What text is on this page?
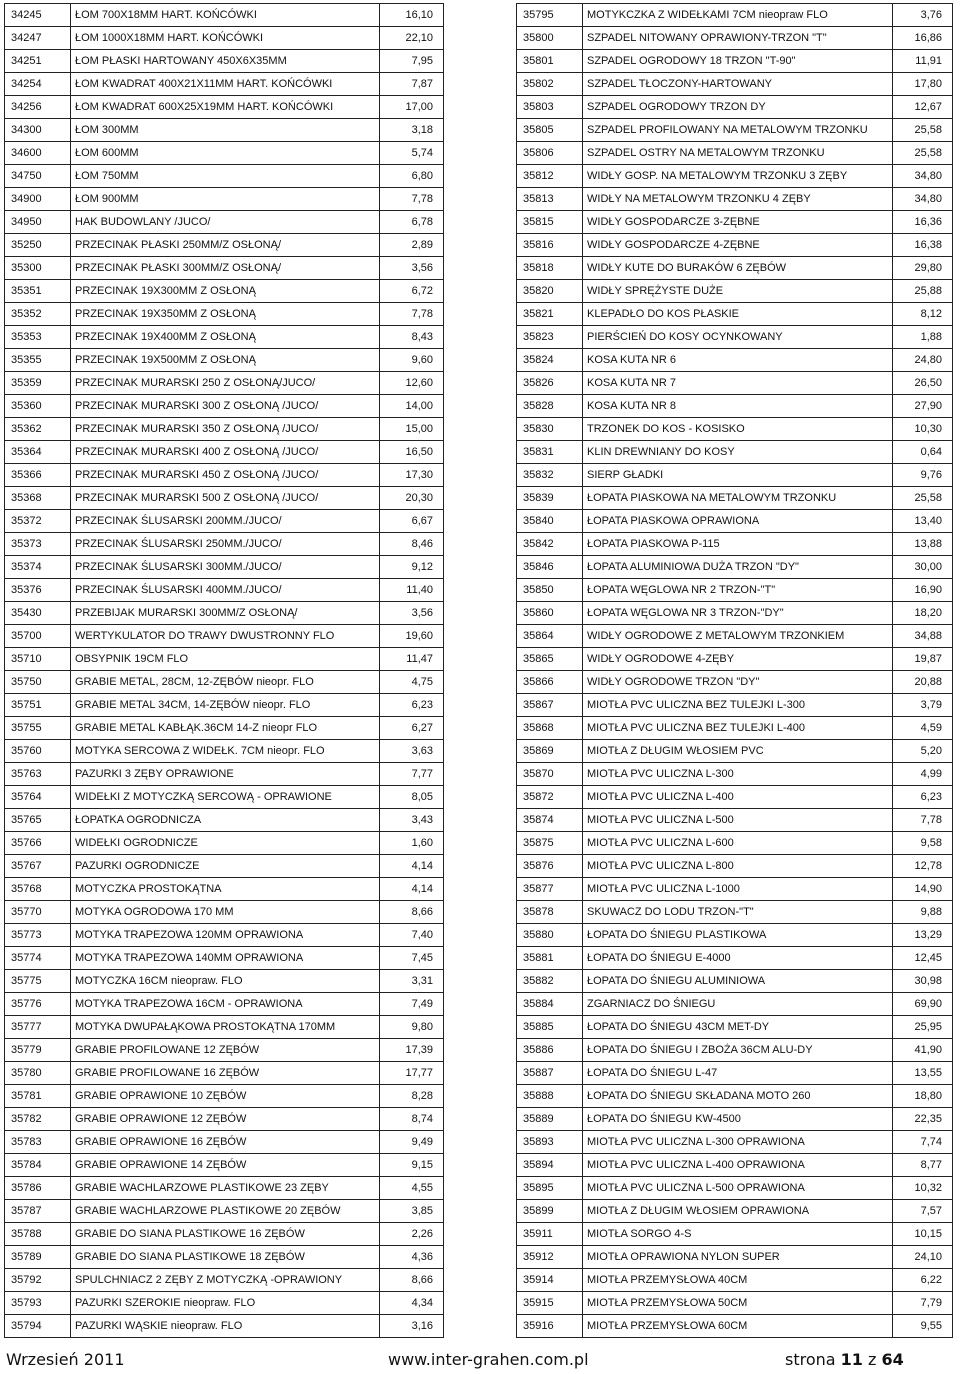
34245	ŁOM 700X18MM HART. KOŃCÓWKI	16,10
34247	ŁOM 1000X18MM HART. KOŃCÓWKI	22,10
34251	ŁOM PŁASKI HARTOWANY 450X6X35MM	7,95
34254	ŁOM KWADRAT 400X21X11MM HART. KOŃCÓWKI	7,87
34256	ŁOM KWADRAT 600X25X19MM HART. KOŃCÓWKI	17,00
34300	ŁOM 300MM	3,18
34600	ŁOM 600MM	5,74
34750	ŁOM 750MM	6,80
34900	ŁOM 900MM	7,78
34950	HAK BUDOWLANY /JUCO/	6,78
35250	PRZECINAK PŁASKI 250MM/Z OSŁONĄ/	2,89
35300	PRZECINAK PŁASKI 300MM/Z OSŁONĄ/	3,56
35351	PRZECINAK 19X300MM Z OSŁONĄ	6,72
35352	PRZECINAK 19X350MM Z OSŁONĄ	7,78
35353	PRZECINAK 19X400MM Z OSŁONĄ	8,43
35355	PRZECINAK 19X500MM Z OSŁONĄ	9,60
35359	PRZECINAK MURARSKI 250 Z OSŁONĄ/JUCO/	12,60
35360	PRZECINAK MURARSKI 300 Z OSŁONĄ /JUCO/	14,00
35362	PRZECINAK MURARSKI 350 Z OSŁONĄ /JUCO/	15,00
35364	PRZECINAK MURARSKI 400 Z OSŁONĄ /JUCO/	16,50
35366	PRZECINAK MURARSKI 450 Z OSŁONĄ /JUCO/	17,30
35368	PRZECINAK MURARSKI 500 Z OSŁONĄ /JUCO/	20,30
35372	PRZECINAK ŚLUSARSKI 200MM./JUCO/	6,67
35373	PRZECINAK ŚLUSARSKI 250MM./JUCO/	8,46
35374	PRZECINAK ŚLUSARSKI 300MM./JUCO/	9,12
35376	PRZECINAK ŚLUSARSKI 400MM./JUCO/	11,40
35430	PRZEBIJAK MURARSKI 300MM/Z OSŁONĄ/	3,56
35700	WERTYKULATOR DO TRAWY DWUSTRONNY FLO	19,60
35710	OBSYPNIK 19CM FLO	11,47
35750	GRABIE METAL, 28CM, 12-ZĘBÓW nieopr. FLO	4,75
35751	GRABIE METAL 34CM, 14-ZĘBÓW nieopr. FLO	6,23
35755	GRABIE METAL KABŁĄK.36CM 14-Z nieopr FLO	6,27
35760	MOTYKA SERCOWA Z WIDEŁK. 7CM nieopr. FLO	3,63
35763	PAZURKI 3 ZĘBY OPRAWIONE	7,77
35764	WIDEŁKI Z MOTYCZKĄ SERCOWĄ - OPRAWIONE	8,05
35765	ŁOPATKA OGRODNICZA	3,43
35766	WIDEŁKI OGRODNICZE	1,60
35767	PAZURKI OGRODNICZE	4,14
35768	MOTYCZKA PROSTOKĄTNA	4,14
35770	MOTYKA OGRODOWA 170 MM	8,66
35773	MOTYKA TRAPEZOWA 120MM OPRAWIONA	7,40
35774	MOTYKA TRAPEZOWA 140MM OPRAWIONA	7,45
35775	MOTYCZKA 16CM nieopraw. FLO	3,31
35776	MOTYKA TRAPEZOWA 16CM - OPRAWIONA	7,49
35777	MOTYKA DWUPAŁĄKOWA PROSTOKĄTNA 170MM	9,80
35779	GRABIE PROFILOWANE 12 ZĘBÓW	17,39
35780	GRABIE PROFILOWANE 16 ZĘBÓW	17,77
35781	GRABIE OPRAWIONE 10 ZĘBÓW	8,28
35782	GRABIE OPRAWIONE 12 ZĘBÓW	8,74
35783	GRABIE OPRAWIONE 16 ZĘBÓW	9,49
35784	GRABIE OPRAWIONE 14 ZĘBÓW	9,15
35786	GRABIE WACHLARZOWE PLASTIKOWE 23 ZĘBY	4,55
35787	GRABIE WACHLARZOWE PLASTIKOWE 20 ZĘBÓW	3,85
35788	GRABIE DO SIANA PLASTIKOWE 16 ZĘBÓW	2,26
35789	GRABIE DO SIANA PLASTIKOWE 18 ZĘBÓW	4,36
35792	SPULCHNIACZ 2 ZĘBY Z MOTYCZKĄ -OPRAWIONY	8,66
35793	PAZURKI SZEROKIE nieopraw. FLO	4,34
35794	PAZURKI WĄSKIE nieopraw. FLO	3,16
35795	MOTYKCZKA Z WIDEŁKAMI 7CM nieopraw FLO	3,76
35800	SZPADEL NITOWANY OPRAWIONY-TRZON "T"	16,86
35801	SZPADEL OGRODOWY 18 TRZON "T-90"	11,91
35802	SZPADEL TŁOCZONY-HARTOWANY	17,80
35803	SZPADEL OGRODOWY TRZON DY	12,67
35805	SZPADEL PROFILOWANY NA METALOWYM TRZONKU	25,58
35806	SZPADEL OSTRY NA METALOWYM TRZONKU	25,58
35812	WIDŁY GOSP. NA METALOWYM TRZONKU 3 ZĘBY	34,80
35813	WIDŁY NA METALOWYM TRZONKU 4 ZĘBY	34,80
35815	WIDŁY GOSPODARCZE 3-ZĘBNE	16,36
35816	WIDŁY GOSPODARCZE 4-ZĘBNE	16,38
35818	WIDŁY KUTE DO BURAKÓW 6 ZĘBÓW	29,80
35820	WIDŁY SPRĘŻYSTE DUŻE	25,88
35821	KLEPADŁO DO KOS PŁASKIE	8,12
35823	PIERŚCIEŃ DO KOSY OCYNKOWANY	1,88
35824	KOSA KUTA NR 6	24,80
35826	KOSA KUTA NR 7	26,50
35828	KOSA KUTA NR 8	27,90
35830	TRZONEK DO KOS - KOSISKO	10,30
35831	KLIN DREWNIANY DO KOSY	0,64
35832	SIERP GŁADKI	9,76
35839	ŁOPATA PIASKOWA NA METALOWYM TRZONKU	25,58
35840	ŁOPATA PIASKOWA OPRAWIONA	13,40
35842	ŁOPATA PIASKOWA P-115	13,88
35846	ŁOPATA ALUMINIOWA DUŻA TRZON "DY"	30,00
35850	ŁOPATA WĘGLOWA NR 2 TRZON-"T"	16,90
35860	ŁOPATA WĘGLOWA NR 3 TRZON-"DY"	18,20
35864	WIDŁY OGRODOWE Z METALOWYM TRZONKIEM	34,88
35865	WIDŁY OGRODOWE 4-ZĘBY	19,87
35866	WIDŁY OGRODOWE TRZON "DY"	20,88
35867	MIOTŁA PVC ULICZNA BEZ TULEJKI L-300	3,79
35868	MIOTŁA PVC ULICZNA BEZ TULEJKI L-400	4,59
35869	MIOTŁA Z DŁUGIM WŁOSIEM PVC	5,20
35870	MIOTŁA PVC ULICZNA L-300	4,99
35872	MIOTŁA PVC ULICZNA L-400	6,23
35874	MIOTŁA PVC ULICZNA L-500	7,78
35875	MIOTŁA PVC ULICZNA L-600	9,58
35876	MIOTŁA PVC ULICZNA L-800	12,78
35877	MIOTŁA PVC ULICZNA L-1000	14,90
35878	SKUWACZ DO LODU TRZON-"T"	9,88
35880	ŁOPATA DO ŚNIEGU PLASTIKOWA	13,29
35881	ŁOPATA DO ŚNIEGU E-4000	12,45
35882	ŁOPATA DO ŚNIEGU ALUMINIOWA	30,98
35884	ZGARNIACZ DO ŚNIEGU	69,90
35885	ŁOPATA DO ŚNIEGU 43CM MET-DY	25,95
35886	ŁOPATA DO ŚNIEGU I ZBOŻA 36CM ALU-DY	41,90
35887	ŁOPATA DO ŚNIEGU L-47	13,55
35888	ŁOPATA DO ŚNIEGU SKŁADANA MOTO 260	18,80
35889	ŁOPATA DO ŚNIEGU KW-4500	22,35
35893	MIOTŁA PVC ULICZNA L-300 OPRAWIONA	7,74
35894	MIOTŁA PVC ULICZNA L-400 OPRAWIONA	8,77
35895	MIOTŁA PVC ULICZNA L-500 OPRAWIONA	10,32
35899	MIOTŁA Z DŁUGIM WŁOSIEM OPRAWIONA	7,57
35911	MIOTŁA SORGO 4-S	10,15
35912	MIOTŁA OPRAWIONA NYLON SUPER	24,10
35914	MIOTŁA PRZEMYSŁOWA 40CM	6,22
35915	MIOTŁA PRZEMYSŁOWA 50CM	7,79
35916	MIOTŁA PRZEMYSŁOWA 60CM	9,55
Wrzesień 2011	www.inter-grahen.com.pl	strona 11 z 64
